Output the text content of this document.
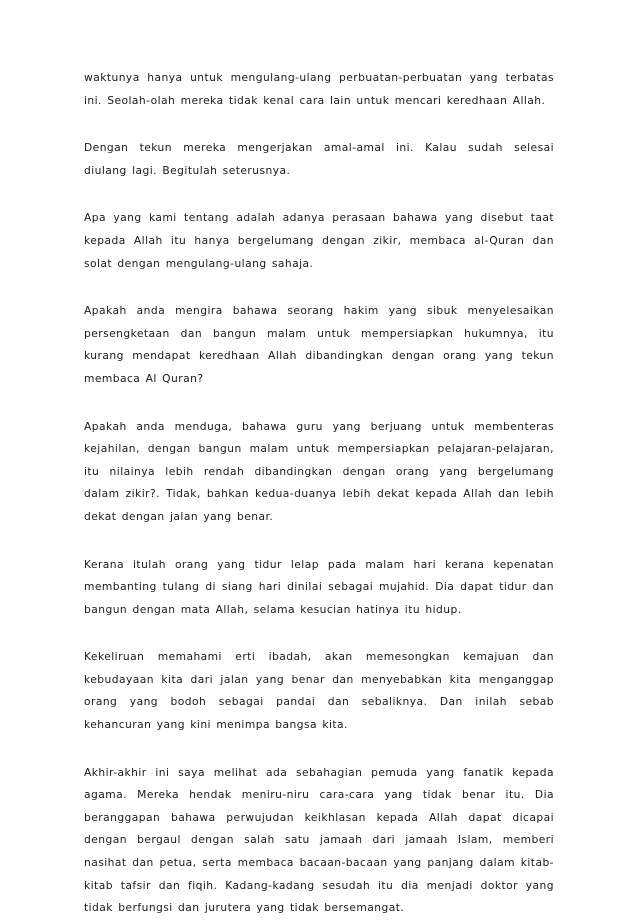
waktunya hanya untuk mengulang-ulang perbuatan-perbuatan yang terbatas ini. Seolah-olah mereka tidak kenal cara lain untuk mencari keredhaan Allah.

Dengan tekun mereka mengerjakan amal-amal ini. Kalau sudah selesai diulang lagi. Begitulah seterusnya.

Apa yang kami tentang adalah adanya perasaan bahawa yang disebut taat kepada Allah itu hanya bergelumang dengan zikir, membaca al-Quran dan solat dengan mengulang-ulang sahaja.

Apakah anda mengira bahawa seorang hakim yang sibuk menyelesaikan persengketaan dan bangun malam untuk mempersiapkan hukumnya, itu kurang mendapat keredhaan Allah dibandingkan dengan orang yang tekun membaca Al Quran?

Apakah anda menduga, bahawa guru yang berjuang untuk membenteras kejahilan, dengan bangun malam untuk mempersiapkan pelajaran-pelajaran, itu nilainya lebih rendah dibandingkan dengan orang yang bergelumang dalam zikir?. Tidak, bahkan kedua-duanya lebih dekat kepada Allah dan lebih dekat dengan jalan yang benar.

Kerana itulah orang yang tidur lelap pada malam hari kerana kepenatan membanting tulang di siang hari dinilai sebagai mujahid. Dia dapat tidur dan bangun dengan mata Allah, selama kesucian hatinya itu hidup.

Kekeliruan memahami erti ibadah, akan memesongkan kemajuan dan kebudayaan kita dari jalan yang benar dan menyebabkan kita menganggap orang yang bodoh sebagai pandai dan sebaliknya. Dan inilah sebab kehancuran yang kini menimpa bangsa kita.

Akhir-akhir ini saya melihat ada sebahagian pemuda yang fanatik kepada agama. Mereka hendak meniru-niru cara-cara yang tidak benar itu. Dia beranggapan bahawa perwujudan keikhlasan kepada Allah dapat dicapai dengan bergaul dengan salah satu jamaah dari jamaah Islam, memberi nasihat dan petua, serta membaca bacaan-bacaan yang panjang dalam kitab-kitab tafsir dan fiqih. Kadang-kadang sesudah itu dia menjadi doktor yang tidak berfungsi dan jurutera yang tidak bersemangat.
